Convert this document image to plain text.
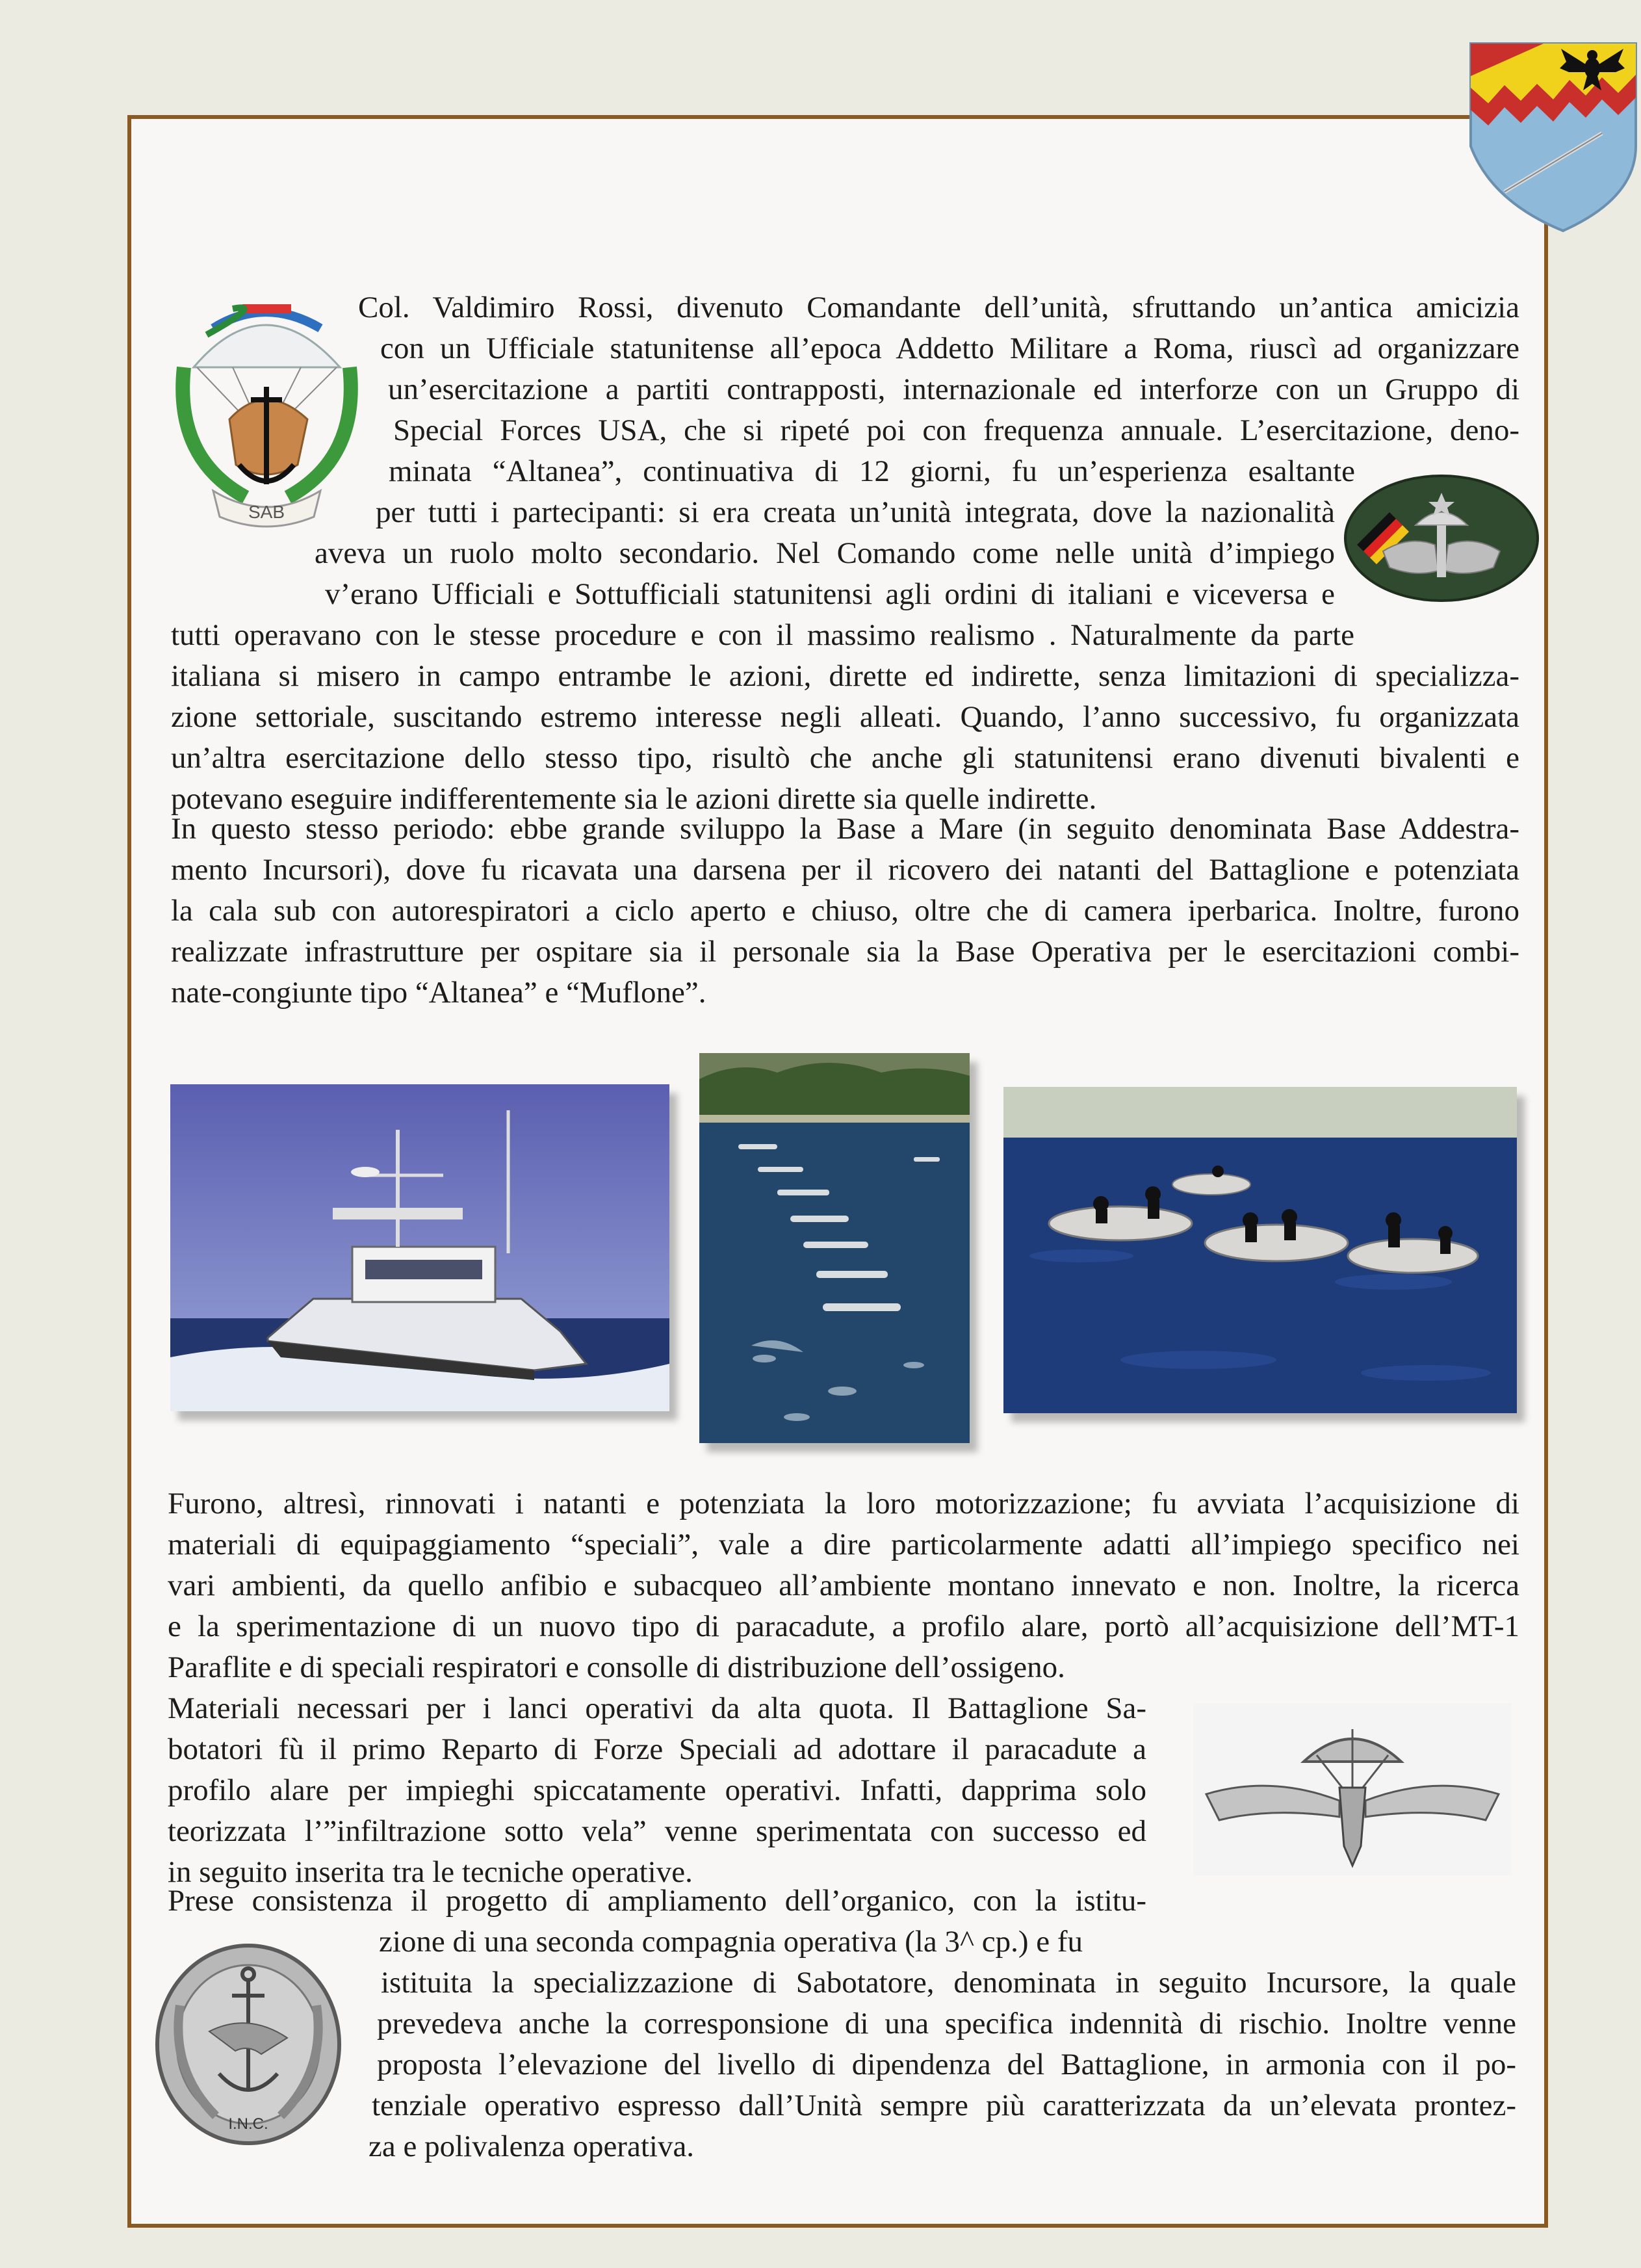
SAB

Col. Valdimiro Rossi, divenuto Comandante dell’unità, sfruttando un’antica amicizia

con un Ufficiale statunitense all’epoca Addetto Militare a Roma, riuscì ad organizzare

un’esercitazione a partiti contrapposti, internazionale ed interforze con un Gruppo di

Special Forces USA, che si ripeté poi con frequenza annuale. L’esercitazione, deno-

minata “Altanea”, continuativa di 12 giorni, fu un’esperienza esaltante

per tutti i partecipanti: si era creata un’unità integrata, dove la nazionalità

aveva un ruolo molto secondario. Nel Comando come nelle unità d’impiego

v’erano Ufficiali e Sottufficiali statunitensi agli ordini di italiani e viceversa e

tutti operavano con le stesse procedure e con il massimo realismo . Naturalmente da parte

italiana si misero in campo entrambe le azioni, dirette ed indirette, senza limitazioni di specializza-

zione settoriale, suscitando estremo interesse negli alleati. Quando, l’anno successivo, fu organizzata

un’altra esercitazione dello stesso tipo, risultò che anche gli statunitensi erano divenuti bivalenti e

potevano eseguire indifferentemente sia le azioni dirette sia quelle indirette.

In questo stesso periodo: ebbe grande sviluppo la Base a Mare (in seguito denominata Base Addestra-

mento Incursori), dove fu ricavata una darsena per il ricovero dei natanti del Battaglione e potenziata

la cala sub con autorespiratori a ciclo aperto e chiuso, oltre che di camera iperbarica. Inoltre, furono

realizzate infrastrutture per ospitare sia il personale sia la Base Operativa per le esercitazioni combi-

nate-congiunte tipo “Altanea” e “Muflone”.

Furono, altresì, rinnovati i natanti e potenziata la loro motorizzazione; fu avviata l’acquisizione di

materiali di equipaggiamento “speciali”, vale a dire particolarmente adatti all’impiego specifico nei

vari ambienti, da quello anfibio e subacqueo all’ambiente montano innevato e non. Inoltre, la ricerca

e la sperimentazione di un nuovo tipo di paracadute, a profilo alare, portò all’acquisizione dell’MT-1

Paraflite e di speciali respiratori e consolle di distribuzione dell’ossigeno.

Materiali necessari per i lanci operativi da alta quota. Il Battaglione Sa-

botatori fù il primo Reparto di Forze Speciali ad adottare il paracadute a

profilo alare per impieghi spiccatamente operativi. Infatti, dapprima solo

teorizzata l’”infiltrazione sotto vela” venne sperimentata con successo ed

in seguito inserita tra le tecniche operative.

Prese consistenza il progetto di ampliamento dell’organico, con la istitu-

zione di una seconda compagnia operativa (la 3^ cp.) e fu

istituita la specializzazione di Sabotatore, denominata in seguito Incursore, la quale

prevedeva anche la corresponsione di una specifica indennità di rischio. Inoltre venne

proposta l’elevazione del livello di dipendenza del Battaglione, in armonia con il po-

tenziale operativo espresso dall’Unità sempre più caratterizzata da un’elevata prontez-

za e polivalenza operativa.

I.N.C.
